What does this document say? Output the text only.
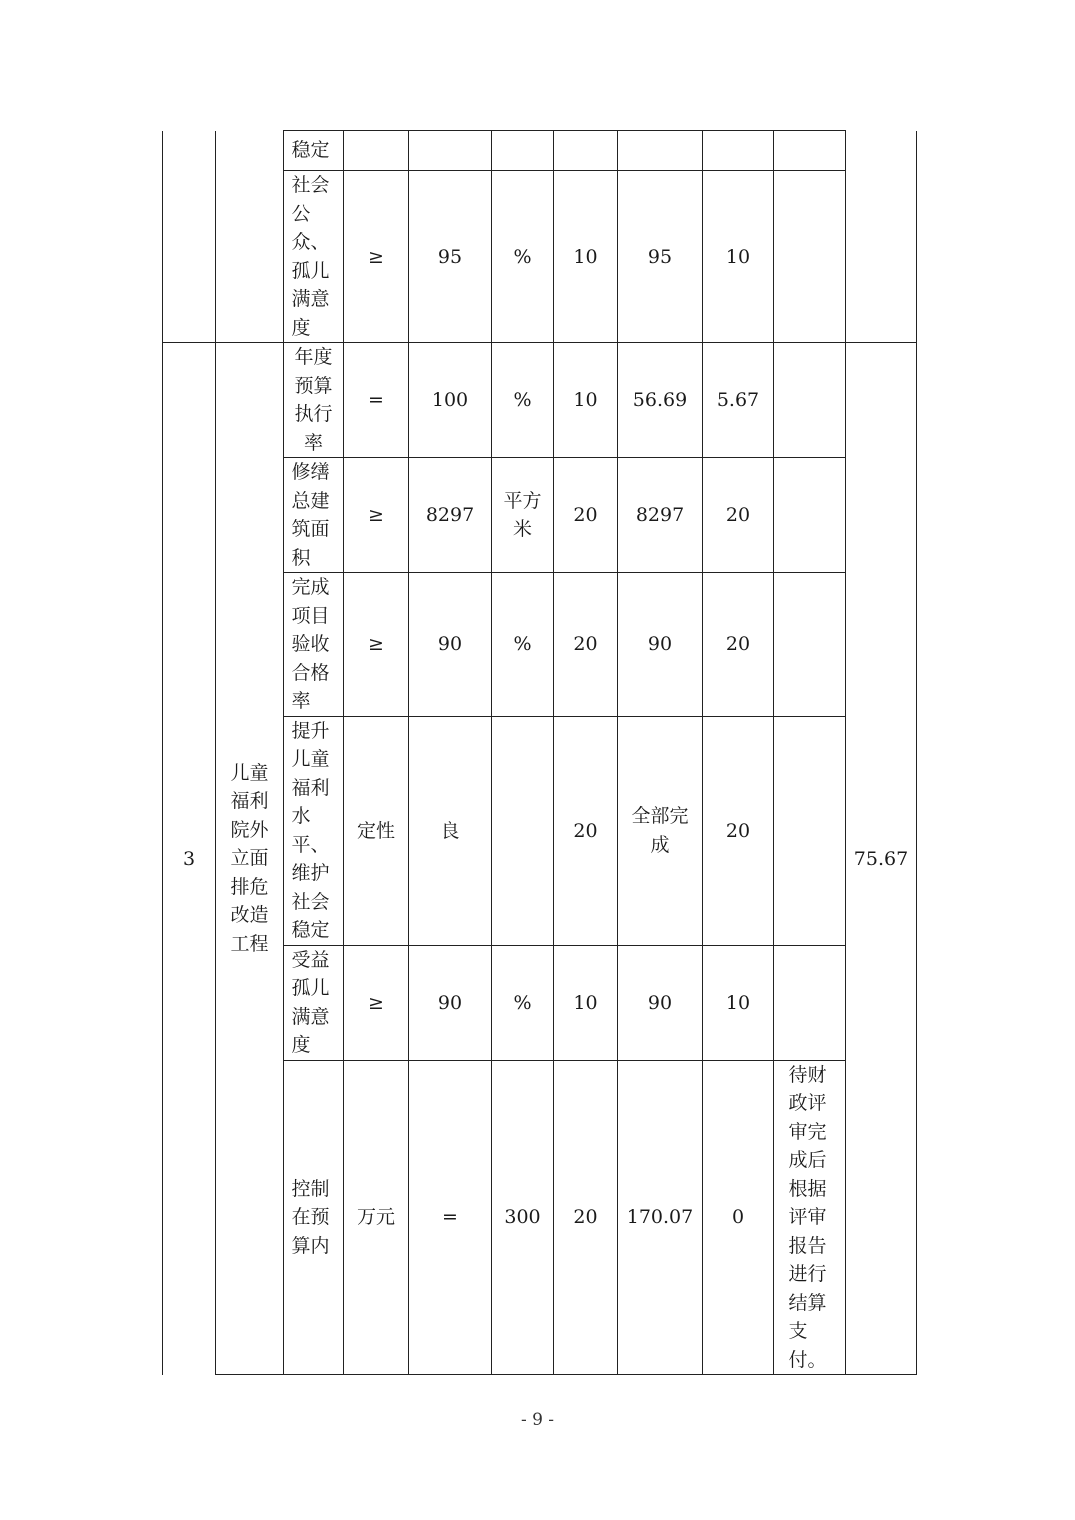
		稳定								
		社会公众、孤儿满意度	≥	95	%	10	95	10		
3	儿童福利院外立面排危改造工程	年度预算执行率	=	100	%	10	56.69	5.67		75.67
		修缮总建筑面积	≥	8297	平方米	20	8297	20		
		完成项目验收合格率	≥	90	%	20	90	20		
		提升儿童福利水平、维护社会稳定	定性	良		20	全部完成	20		
		受益孤儿满意度	≥	90	%	10	90	10		
		控制在预算内	万元	=	300	20	170.07	0	待财政评审完成后根据评审报告进行结算支付。	
- 9 -
